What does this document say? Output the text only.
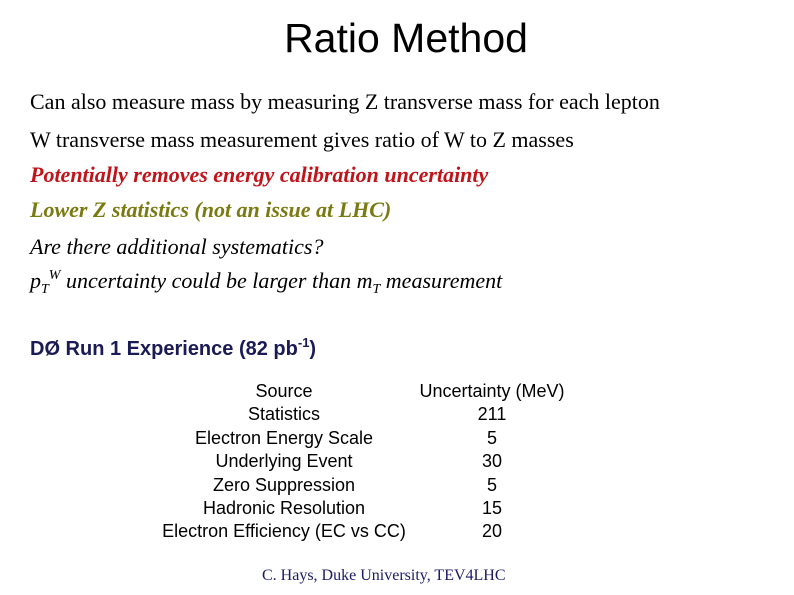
Ratio Method
Can also measure mass by measuring Z transverse mass for each lepton
W transverse mass measurement gives ratio of W to Z masses
Potentially removes energy calibration uncertainty
Lower Z statistics (not an issue at LHC)
Are there additional systematics?
$p_T^W$ uncertainty could be larger than $m_T$ measurement
DØ Run 1 Experience (82 $pb^{-1}$)
Source	Uncertainty (MeV)
Statistics	211
Electron Energy Scale	5
Underlying Event	30
Zero Suppression	5
Hadronic Resolution	15
Electron Efficiency (EC vs CC)	20
C. Hays, Duke University, TEV4LHC
